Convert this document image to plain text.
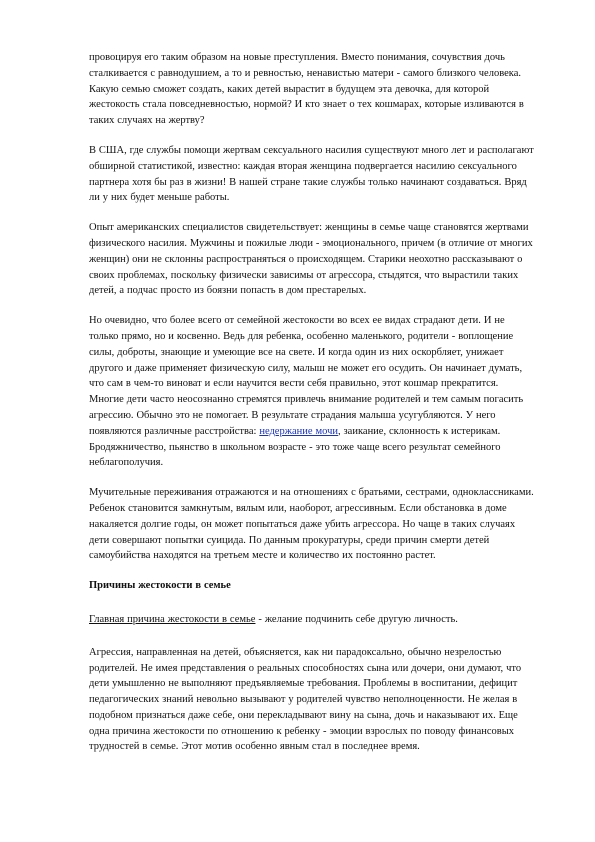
провоцируя его таким образом на новые преступления. Вместо понимания, сочувствия дочь сталкивается с равнодушием, а то и ревностью, ненавистью матери - самого близкого человека. Какую семью сможет создать, каких детей вырастит в будущем эта девочка, для которой жестокость стала повседневностью, нормой? И кто знает о тех кошмарах, которые изливаются в таких случаях на жертву?

В США, где службы помощи жертвам сексуального насилия существуют много лет и располагают обширной статистикой, известно: каждая вторая женщина подвергается насилию сексуального партнера хотя бы раз в жизни! В нашей стране такие службы только начинают создаваться. Вряд ли у них будет меньше работы.

Опыт американских специалистов свидетельствует: женщины в семье чаще становятся жертвами физического насилия. Мужчины и пожилые люди - эмоционального, причем (в отличие от многих женщин) они не склонны распространяться о происходящем. Старики неохотно рассказывают о своих проблемах, поскольку физически зависимы от агрессора, стыдятся, что вырастили таких детей, а подчас просто из боязни попасть в дом престарелых.

Но очевидно, что более всего от семейной жестокости во всех ее видах страдают дети. И не только прямо, но и косвенно. Ведь для ребенка, особенно маленького, родители - воплощение силы, доброты, знающие и умеющие все на свете. И когда один из них оскорбляет, унижает другого и даже применяет физическую силу, малыш не может его осудить. Он начинает думать, что сам в чем-то виноват и если научится вести себя правильно, этот кошмар прекратится. Многие дети часто неосознанно стремятся привлечь внимание родителей и тем самым погасить агрессию. Обычно это не помогает. В результате страдания малыша усугубляются. У него появляются различные расстройства: недержание мочи, заикание, склонность к истерикам. Бродяжничество, пьянство в школьном возрасте - это тоже чаще всего результат семейного неблагополучия.

Мучительные переживания отражаются и на отношениях с братьями, сестрами, одноклассниками. Ребенок становится замкнутым, вялым или, наоборот, агрессивным. Если обстановка в доме накаляется долгие годы, он может попытаться даже убить агрессора. Но чаще в таких случаях дети совершают попытки суицида. По данным прокуратуры, среди причин смерти детей самоубийства находятся на третьем месте и количество их постоянно растет.

Причины жестокости в семье

Главная причина жестокости в семье - желание подчинить себе другую личность.

Агрессия, направленная на детей, объясняется, как ни парадоксально, обычно незрелостью родителей. Не имея представления о реальных способностях сына или дочери, они думают, что дети умышленно не выполняют предъявляемые требования. Проблемы в воспитании, дефицит педагогических знаний невольно вызывают у родителей чувство неполноценности. Не желая в подобном признаться даже себе, они перекладывают вину на сына, дочь и наказывают их. Еще одна причина жестокости по отношению к ребенку - эмоции взрослых по поводу финансовых трудностей в семье. Этот мотив особенно явным стал в последнее время.
